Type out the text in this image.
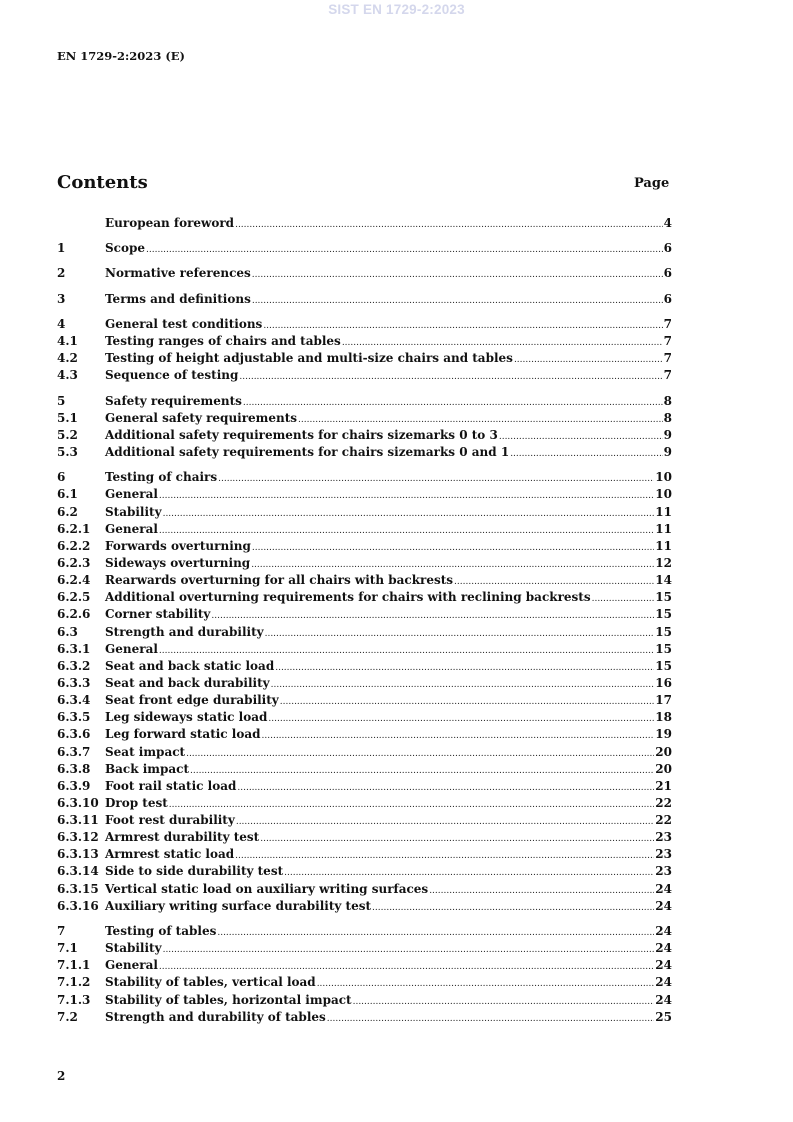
SIST EN 1729-2:2023
EN 1729-2:2023 (E)
Contents	Page
European foreword .....	4
1	Scope .....	6
2	Normative references .....	6
3	Terms and definitions .....	6
4	General test conditions .....	7
4.1	Testing ranges of chairs and tables .....	7
4.2	Testing of height adjustable and multi-size chairs and tables .....	7
4.3	Sequence of testing .....	7
5	Safety requirements .....	8
5.1	General safety requirements .....	8
5.2	Additional safety requirements for chairs sizemarks 0 to 3 .....	9
5.3	Additional safety requirements for chairs sizemarks 0 and 1 .....	9
6	Testing of chairs .....	10
6.1	General .....	10
6.2	Stability .....	11
6.2.1	General .....	11
6.2.2	Forwards overturning .....	11
6.2.3	Sideways overturning .....	12
6.2.4	Rearwards overturning for all chairs with backrests .....	14
6.2.5	Additional overturning requirements for chairs with reclining backrests .....	15
6.2.6	Corner stability .....	15
6.3	Strength and durability .....	15
6.3.1	General .....	15
6.3.2	Seat and back static load .....	15
6.3.3	Seat and back durability .....	16
6.3.4	Seat front edge durability .....	17
6.3.5	Leg sideways static load .....	18
6.3.6	Leg forward static load .....	19
6.3.7	Seat impact .....	20
6.3.8	Back impact .....	20
6.3.9	Foot rail static load .....	21
6.3.10 Drop test .....	22
6.3.11 Foot rest durability .....	22
6.3.12 Armrest durability test .....	23
6.3.13 Armrest static load .....	23
6.3.14 Side to side durability test .....	23
6.3.15 Vertical static load on auxiliary writing surfaces .....	24
6.3.16 Auxiliary writing surface durability test .....	24
7	Testing of tables .....	24
7.1	Stability .....	24
7.1.1	General .....	24
7.1.2	Stability of tables, vertical load .....	24
7.1.3	Stability of tables, horizontal impact .....	24
7.2	Strength and durability of tables .....	25
2
